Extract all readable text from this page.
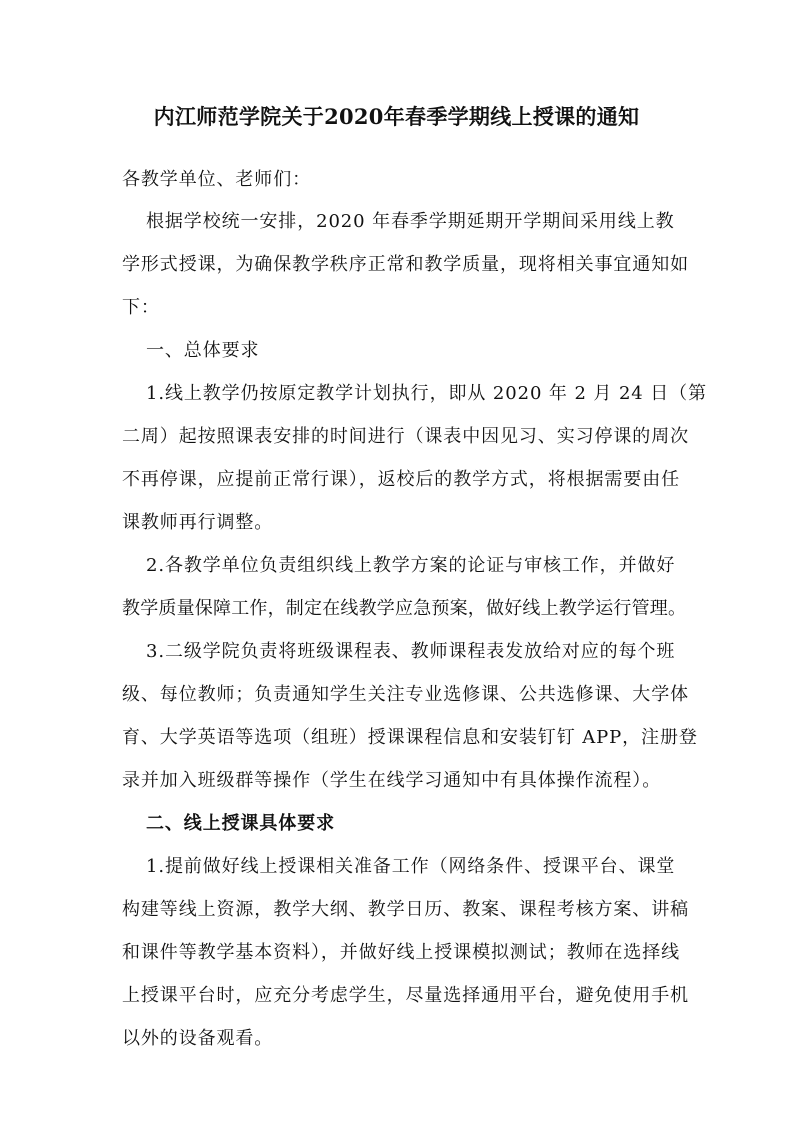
内江师范学院关于2020年春季学期线上授课的通知
各教学单位、老师们：
根据学校统一安排，2020 年春季学期延期开学期间采用线上教
学形式授课，为确保教学秩序正常和教学质量，现将相关事宜通知如
下：
一、总体要求
1.线上教学仍按原定教学计划执行，即从 2020 年 2 月 24 日（第
二周）起按照课表安排的时间进行（课表中因见习、实习停课的周次
不再停课，应提前正常行课），返校后的教学方式，将根据需要由任
课教师再行调整。
2.各教学单位负责组织线上教学方案的论证与审核工作，并做好
教学质量保障工作，制定在线教学应急预案，做好线上教学运行管理。
3.二级学院负责将班级课程表、教师课程表发放给对应的每个班
级、每位教师；负责通知学生关注专业选修课、公共选修课、大学体
育、大学英语等选项（组班）授课课程信息和安装钉钉 APP，注册登
录并加入班级群等操作（学生在线学习通知中有具体操作流程）。
二、线上授课具体要求
1.提前做好线上授课相关准备工作（网络条件、授课平台、课堂
构建等线上资源，教学大纲、教学日历、教案、课程考核方案、讲稿
和课件等教学基本资料），并做好线上授课模拟测试；教师在选择线
上授课平台时，应充分考虑学生，尽量选择通用平台，避免使用手机
以外的设备观看。
